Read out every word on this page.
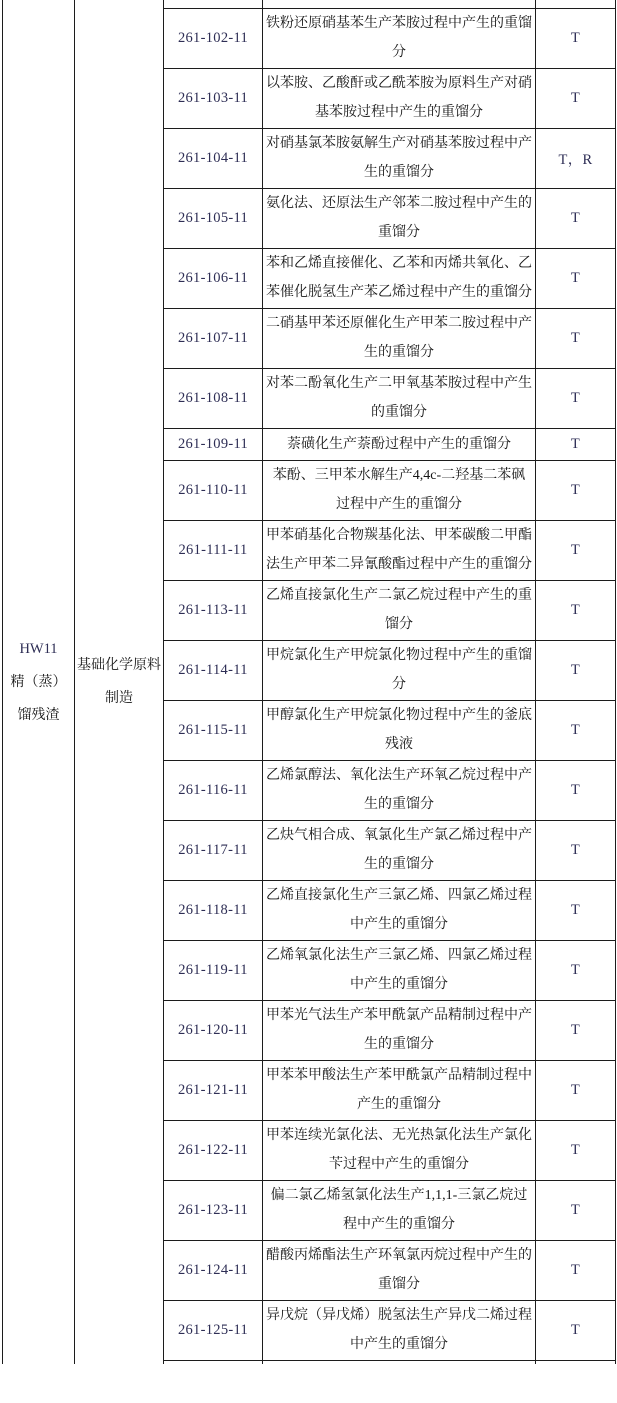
HW11
精（蒸）
馏残渣	基础化学原料制造			

		261-102-11	铁粉还原硝基苯生产苯胺过程中产生的重馏分	T
		261-103-11	以苯胺、乙酸酐或乙酰苯胺为原料生产对硝基苯胺过程中产生的重馏分	T
		261-104-11	对硝基氯苯胺氨解生产对硝基苯胺过程中产生的重馏分	T，R
		261-105-11	氨化法、还原法生产邻苯二胺过程中产生的重馏分	T
		261-106-11	苯和乙烯直接催化、乙苯和丙烯共氧化、乙苯催化脱氢生产苯乙烯过程中产生的重馏分	T
		261-107-11	二硝基甲苯还原催化生产甲苯二胺过程中产生的重馏分	T
		261-108-11	对苯二酚氧化生产二甲氧基苯胺过程中产生的重馏分	T
		261-109-11	萘磺化生产萘酚过程中产生的重馏分	T
		261-110-11	苯酚、三甲苯水解生产4,4c-二羟基二苯砜过程中产生的重馏分	T
		261-111-11	甲苯硝基化合物羰基化法、甲苯碳酸二甲酯法生产甲苯二异氰酸酯过程中产生的重馏分	T
		261-113-11	乙烯直接氯化生产二氯乙烷过程中产生的重馏分	T
		261-114-11	甲烷氯化生产甲烷氯化物过程中产生的重馏分	T
		261-115-11	甲醇氯化生产甲烷氯化物过程中产生的釜底残液	T
		261-116-11	乙烯氯醇法、氧化法生产环氧乙烷过程中产生的重馏分	T
		261-117-11	乙炔气相合成、氧氯化生产氯乙烯过程中产生的重馏分	T
		261-118-11	乙烯直接氯化生产三氯乙烯、四氯乙烯过程中产生的重馏分	T
		261-119-11	乙烯氧氯化法生产三氯乙烯、四氯乙烯过程中产生的重馏分	T
		261-120-11	甲苯光气法生产苯甲酰氯产品精制过程中产生的重馏分	T
		261-121-11	甲苯苯甲酸法生产苯甲酰氯产品精制过程中产生的重馏分	T
		261-122-11	甲苯连续光氯化法、无光热氯化法生产氯化苄过程中产生的重馏分	T
		261-123-11	偏二氯乙烯氢氯化法生产1,1,1-三氯乙烷过程中产生的重馏分	T
		261-124-11	醋酸丙烯酯法生产环氧氯丙烷过程中产生的重馏分	T
		261-125-11	异戊烷（异戊烯）脱氢法生产异戊二烯过程中产生的重馏分	T
